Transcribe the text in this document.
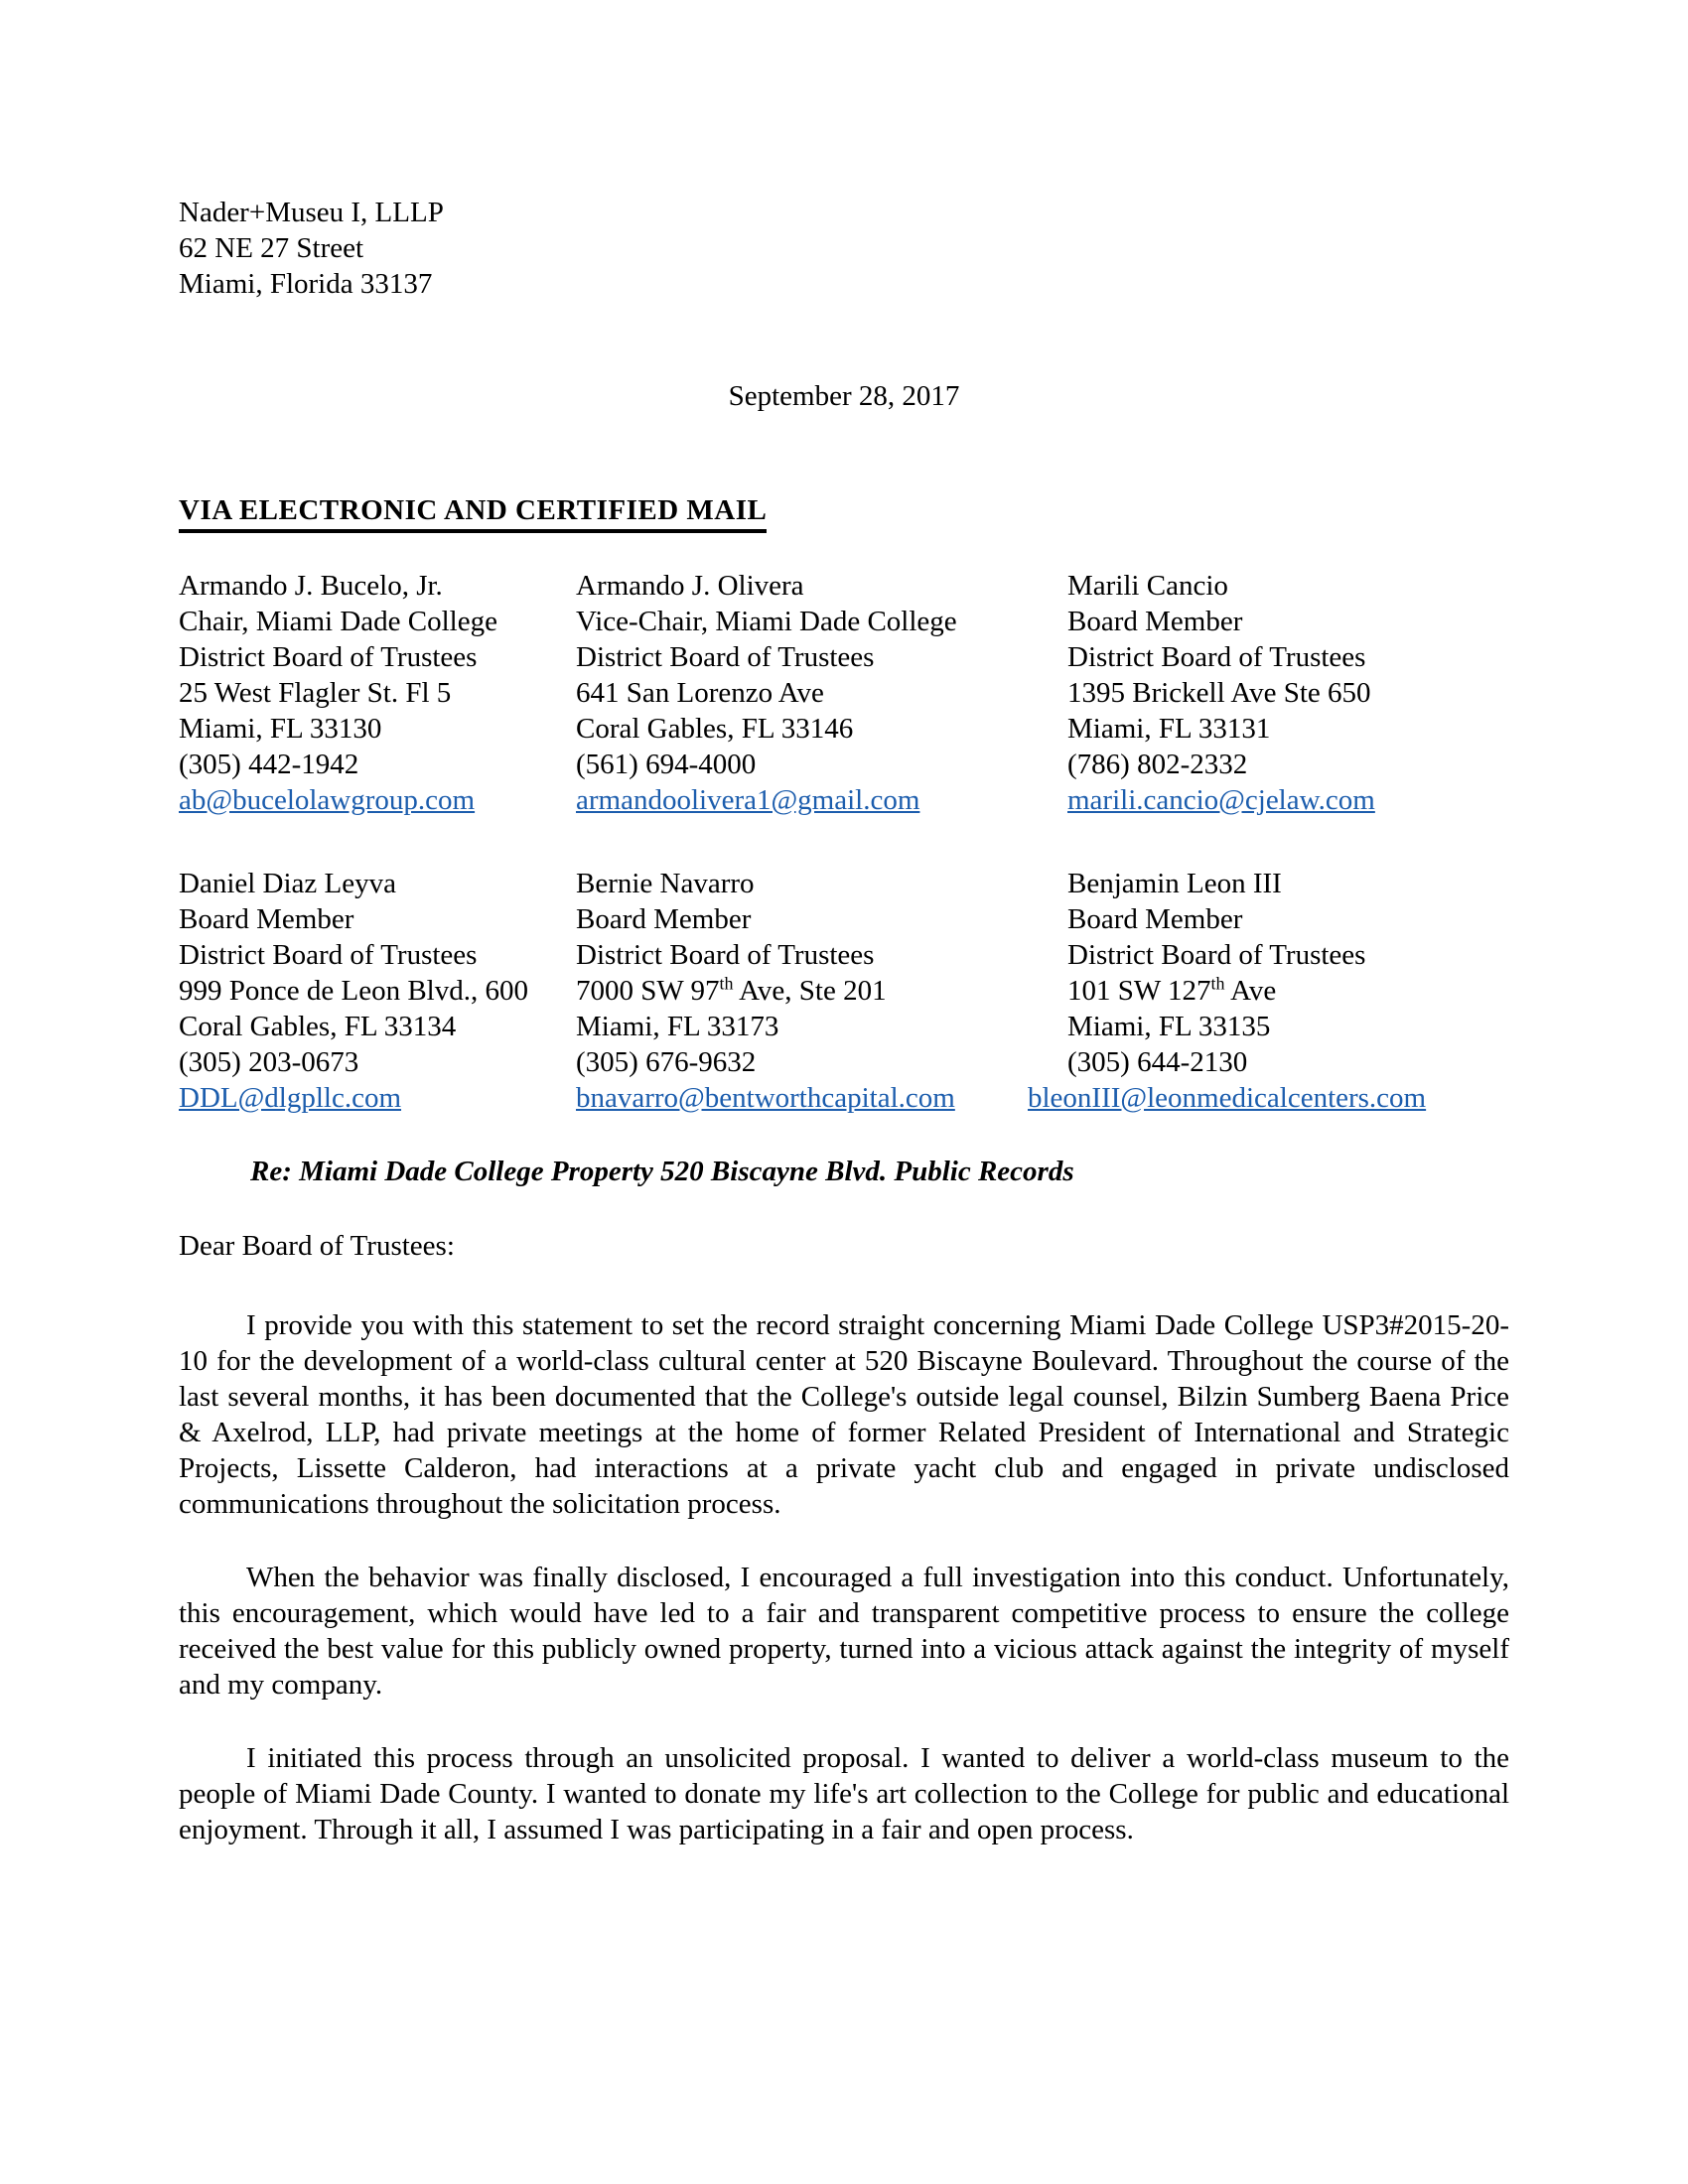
Nader+Museu I, LLLP
62 NE 27 Street
Miami, Florida 33137
September 28, 2017
VIA ELECTRONIC AND CERTIFIED MAIL
Armando J. Bucelo, Jr.
Chair, Miami Dade College
District Board of Trustees
25 West Flagler St. Fl 5
Miami, FL 33130
(305) 442-1942
ab@bucelolawgroup.com
Armando J. Olivera
Vice-Chair, Miami Dade College
District Board of Trustees
641 San Lorenzo Ave
Coral Gables, FL 33146
(561) 694-4000
armandoolivera1@gmail.com
Marili Cancio
Board Member
District Board of Trustees
1395 Brickell Ave Ste 650
Miami, FL 33131
(786) 802-2332
marili.cancio@cjelaw.com
Daniel Diaz Leyva
Board Member
District Board of Trustees
999 Ponce de Leon Blvd., 600
Coral Gables, FL 33134
(305) 203-0673
DDL@dlgpllc.com
Bernie Navarro
Board Member
District Board of Trustees
7000 SW 97th Ave, Ste 201
Miami, FL 33173
(305) 676-9632
bnavarro@bentworthcapital.com
Benjamin Leon III
Board Member
District Board of Trustees
101 SW 127th Ave
Miami, FL 33135
(305) 644-2130
bleonIII@leonmedicalcenters.com
Re: Miami Dade College Property 520 Biscayne Blvd. Public Records
Dear Board of Trustees:

I provide you with this statement to set the record straight concerning Miami Dade College USP3#2015-20-10 for the development of a world-class cultural center at 520 Biscayne Boulevard. Throughout the course of the last several months, it has been documented that the College's outside legal counsel, Bilzin Sumberg Baena Price & Axelrod, LLP, had private meetings at the home of former Related President of International and Strategic Projects, Lissette Calderon, had interactions at a private yacht club and engaged in private undisclosed communications throughout the solicitation process.

When the behavior was finally disclosed, I encouraged a full investigation into this conduct. Unfortunately, this encouragement, which would have led to a fair and transparent competitive process to ensure the college received the best value for this publicly owned property, turned into a vicious attack against the integrity of myself and my company.

I initiated this process through an unsolicited proposal. I wanted to deliver a world-class museum to the people of Miami Dade County. I wanted to donate my life's art collection to the College for public and educational enjoyment. Through it all, I assumed I was participating in a fair and open process.
